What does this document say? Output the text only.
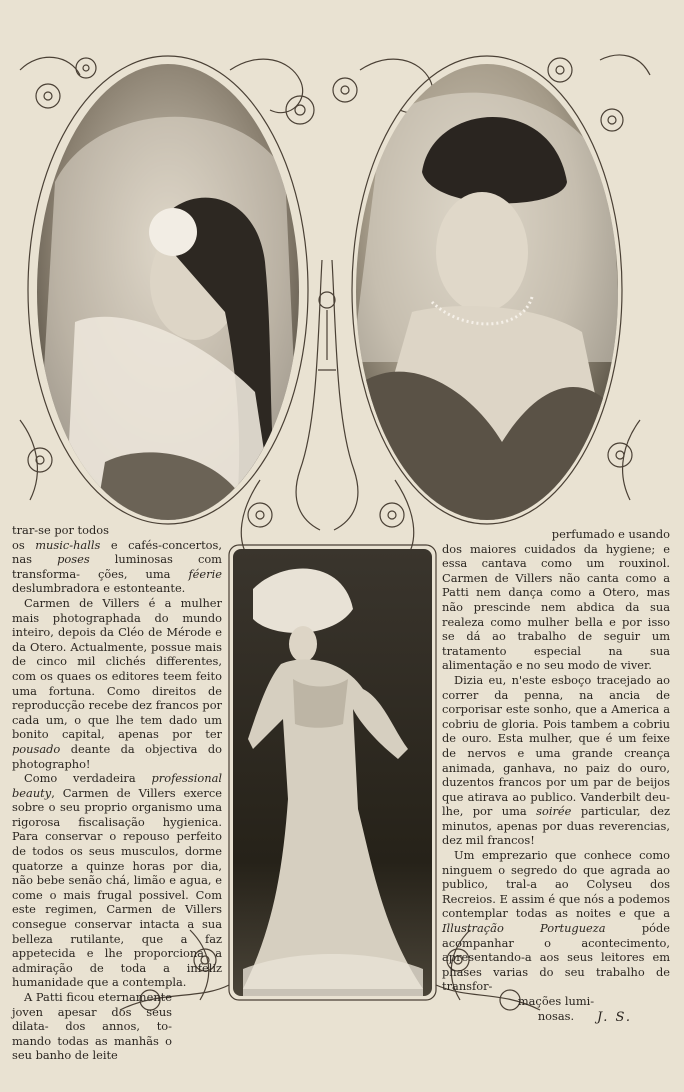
trar-se por todos

os music-halls e cafés-concertos, nas poses luminosas com transforma- ções, uma féerie deslumbradora e estonteante.

Carmen de Villers é a mulher mais photographada do mundo inteiro, depois da Cléo de Mérode e da Otero. Actualmente, possue mais de cinco mil clichés differentes, com os quaes os editores teem feito uma fortuna. Como direitos de reproducção recebe dez francos por cada um, o que lhe tem dado um bonito capital, apenas por ter pousado deante da objectiva do photographo!

Como verdadeira professional beauty, Carmen de Villers exerce sobre o seu proprio organismo uma rigorosa fiscalisação hygienica. Para conservar o repouso perfeito de todos os seus musculos, dorme quatorze a quinze horas por dia, não bebe senão chá, limão e agua, e come o mais frugal possivel. Com este regimen, Carmen de Villers consegue conservar intacta a sua belleza rutilante, que a faz appetecida e lhe proporciona a admiração de toda a infeliz humanidade que a contempla.

A Patti ficou eternamente joven apesar dos seus dilata- dos annos, to- mando todas as manhãs o seu banho de leite

perfumado e usando

dos maiores cuidados da hygiene; e essa cantava como um rouxinol. Carmen de Villers não canta como a Patti nem dança como a Otero, mas não prescinde nem abdica da sua realeza como mulher bella e por isso se dá ao trabalho de seguir um tratamento especial na sua alimentação e no seu modo de viver.

Dizia eu, n'este esboço tracejado ao correr da penna, na ancia de corporisar este sonho, que a America a cobriu de gloria. Pois tambem a cobriu de ouro. Esta mulher, que é um feixe de nervos e uma grande creança animada, ganhava, no paiz do ouro, duzentos francos por um par de beijos que atirava ao publico. Vanderbilt deu-lhe, por uma soirée particular, dez minutos, apenas por duas reverencias, dez mil francos!

Um emprezario que conhece como ninguem o segredo do que agrada ao publico, tral-a ao Colyseu dos Recreios. E assim é que nós a podemos contemplar todas as noites e que a Illustração Portugueza póde acompanhar o acontecimento, apresentando-a aos seus leitores em phases varias do seu trabalho de transfor-

mações lumi-

nosas.	J. S.
